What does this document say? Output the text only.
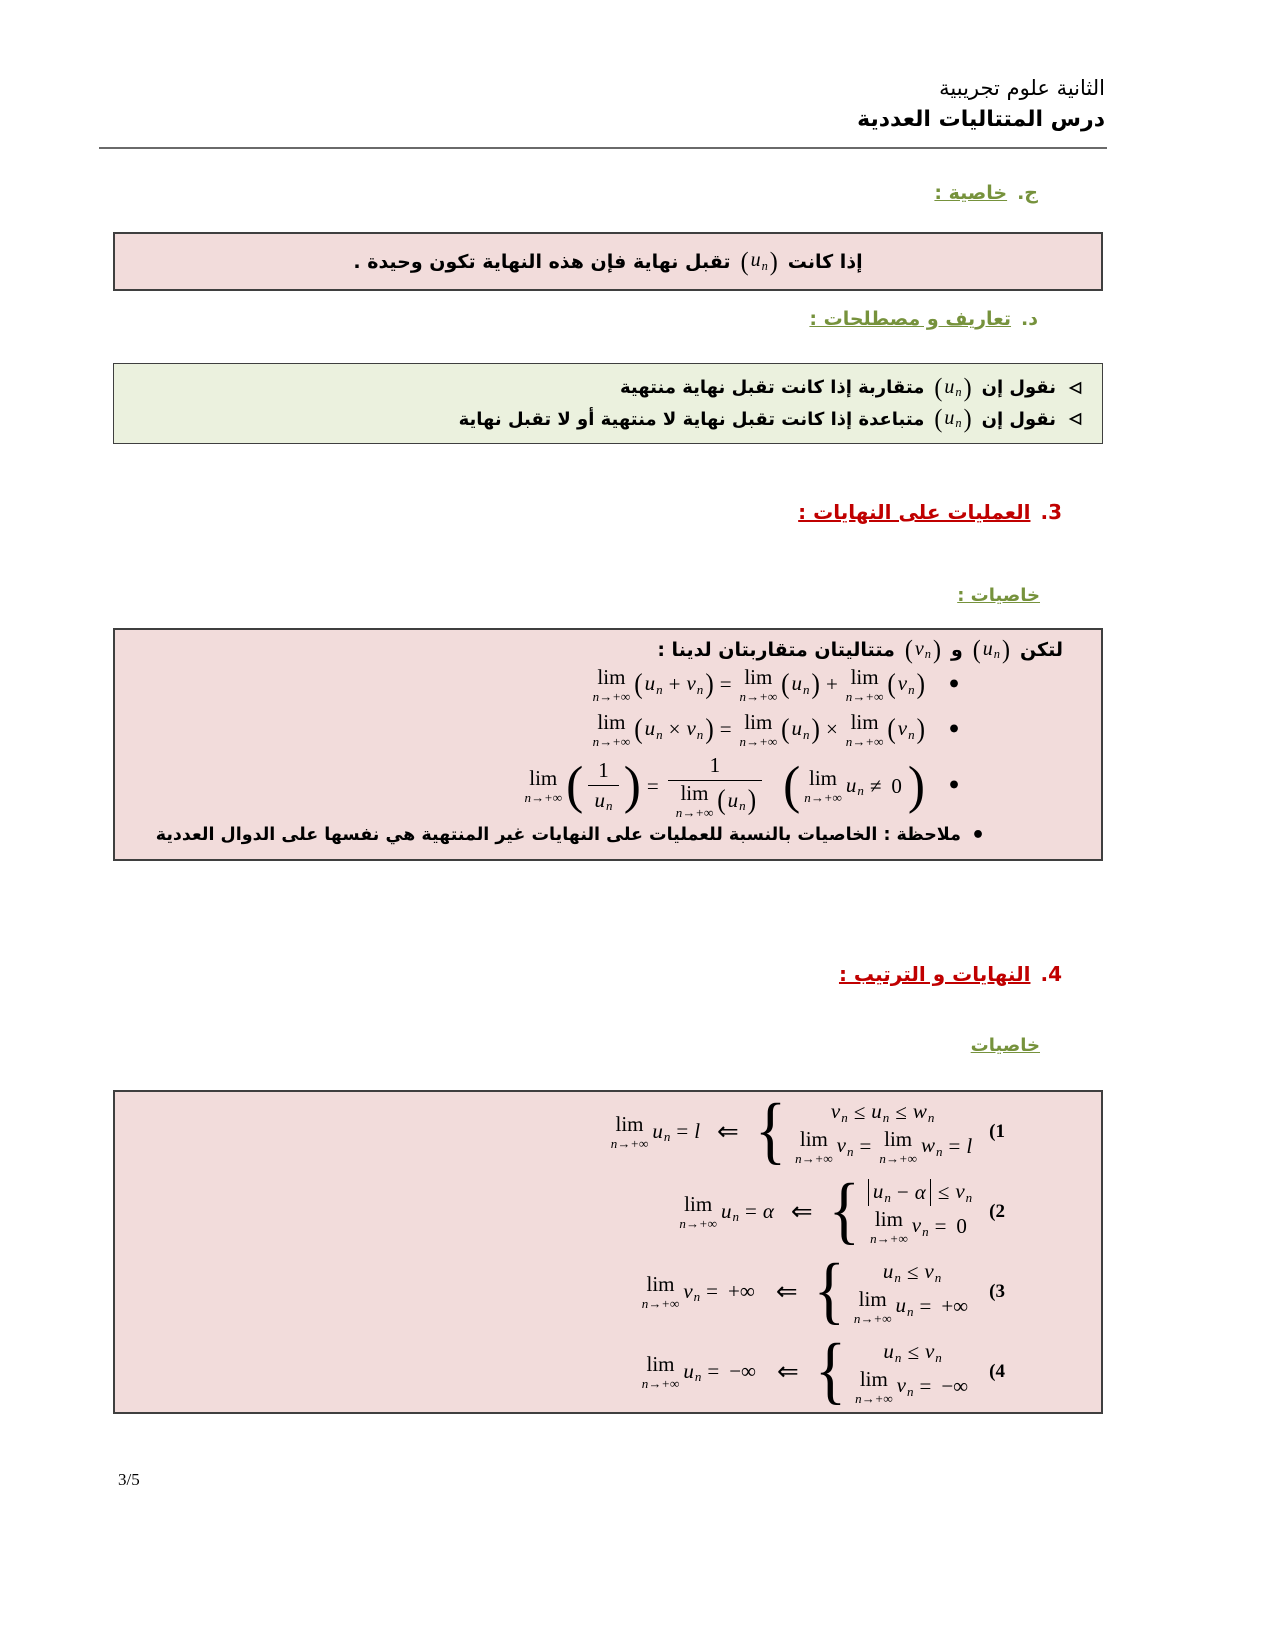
الثانية علوم تجريبية
درس المتتاليات العددية
ج.
خاصية :
إذا كانت
( un )
تقبل نهاية فإن هذه النهاية تكون وحيدة .
د.
تعاريف و مصطلحات :
نقول إن
( un )
متقاربة إذا كانت تقبل نهاية منتهية
نقول إن
( un )
متباعدة إذا كانت تقبل نهاية لا منتهية أو لا تقبل نهاية
3.
العمليات على النهايات :
خاصيات :
لتكن
( un )
و
( vn )
متتاليتان متقاربتان لدينا :
lim
n→+∞ ( un + vn ) = lim
n→+∞ ( un ) + lim
n→+∞ ( vn ) •
lim
n→+∞ ( un × vn ) = lim
n→+∞ ( un ) × lim
n→+∞ ( vn ) •
lim
n→+∞ ( 1
un ) = 1
lim
n→+∞ ( un ) ( lim
n→+∞
un ≠ 0 ) •
•
ملاحظة : الخاصيات بالنسبة للعمليات على النهايات غير المنتهية هي نفسها على الدوال العددية
4.
النهايات و الترتيب :
خاصيات
lim
n→+∞
un = l ⇐ { vn ≤ un ≤ wn
lim
n→+∞
vn = lim
n→+∞
wn = l
(1
lim
n→+∞
un = α ⇐ { un − α ≤ vn
lim
n→+∞
vn = 0
(2
lim
n→+∞
vn = +∞ ⇐ { un ≤ vn
lim
n→+∞
un = +∞
(3
lim
n→+∞
un = −∞ ⇐ { un ≤ vn
lim
n→+∞
vn = −∞
(4
3/5
